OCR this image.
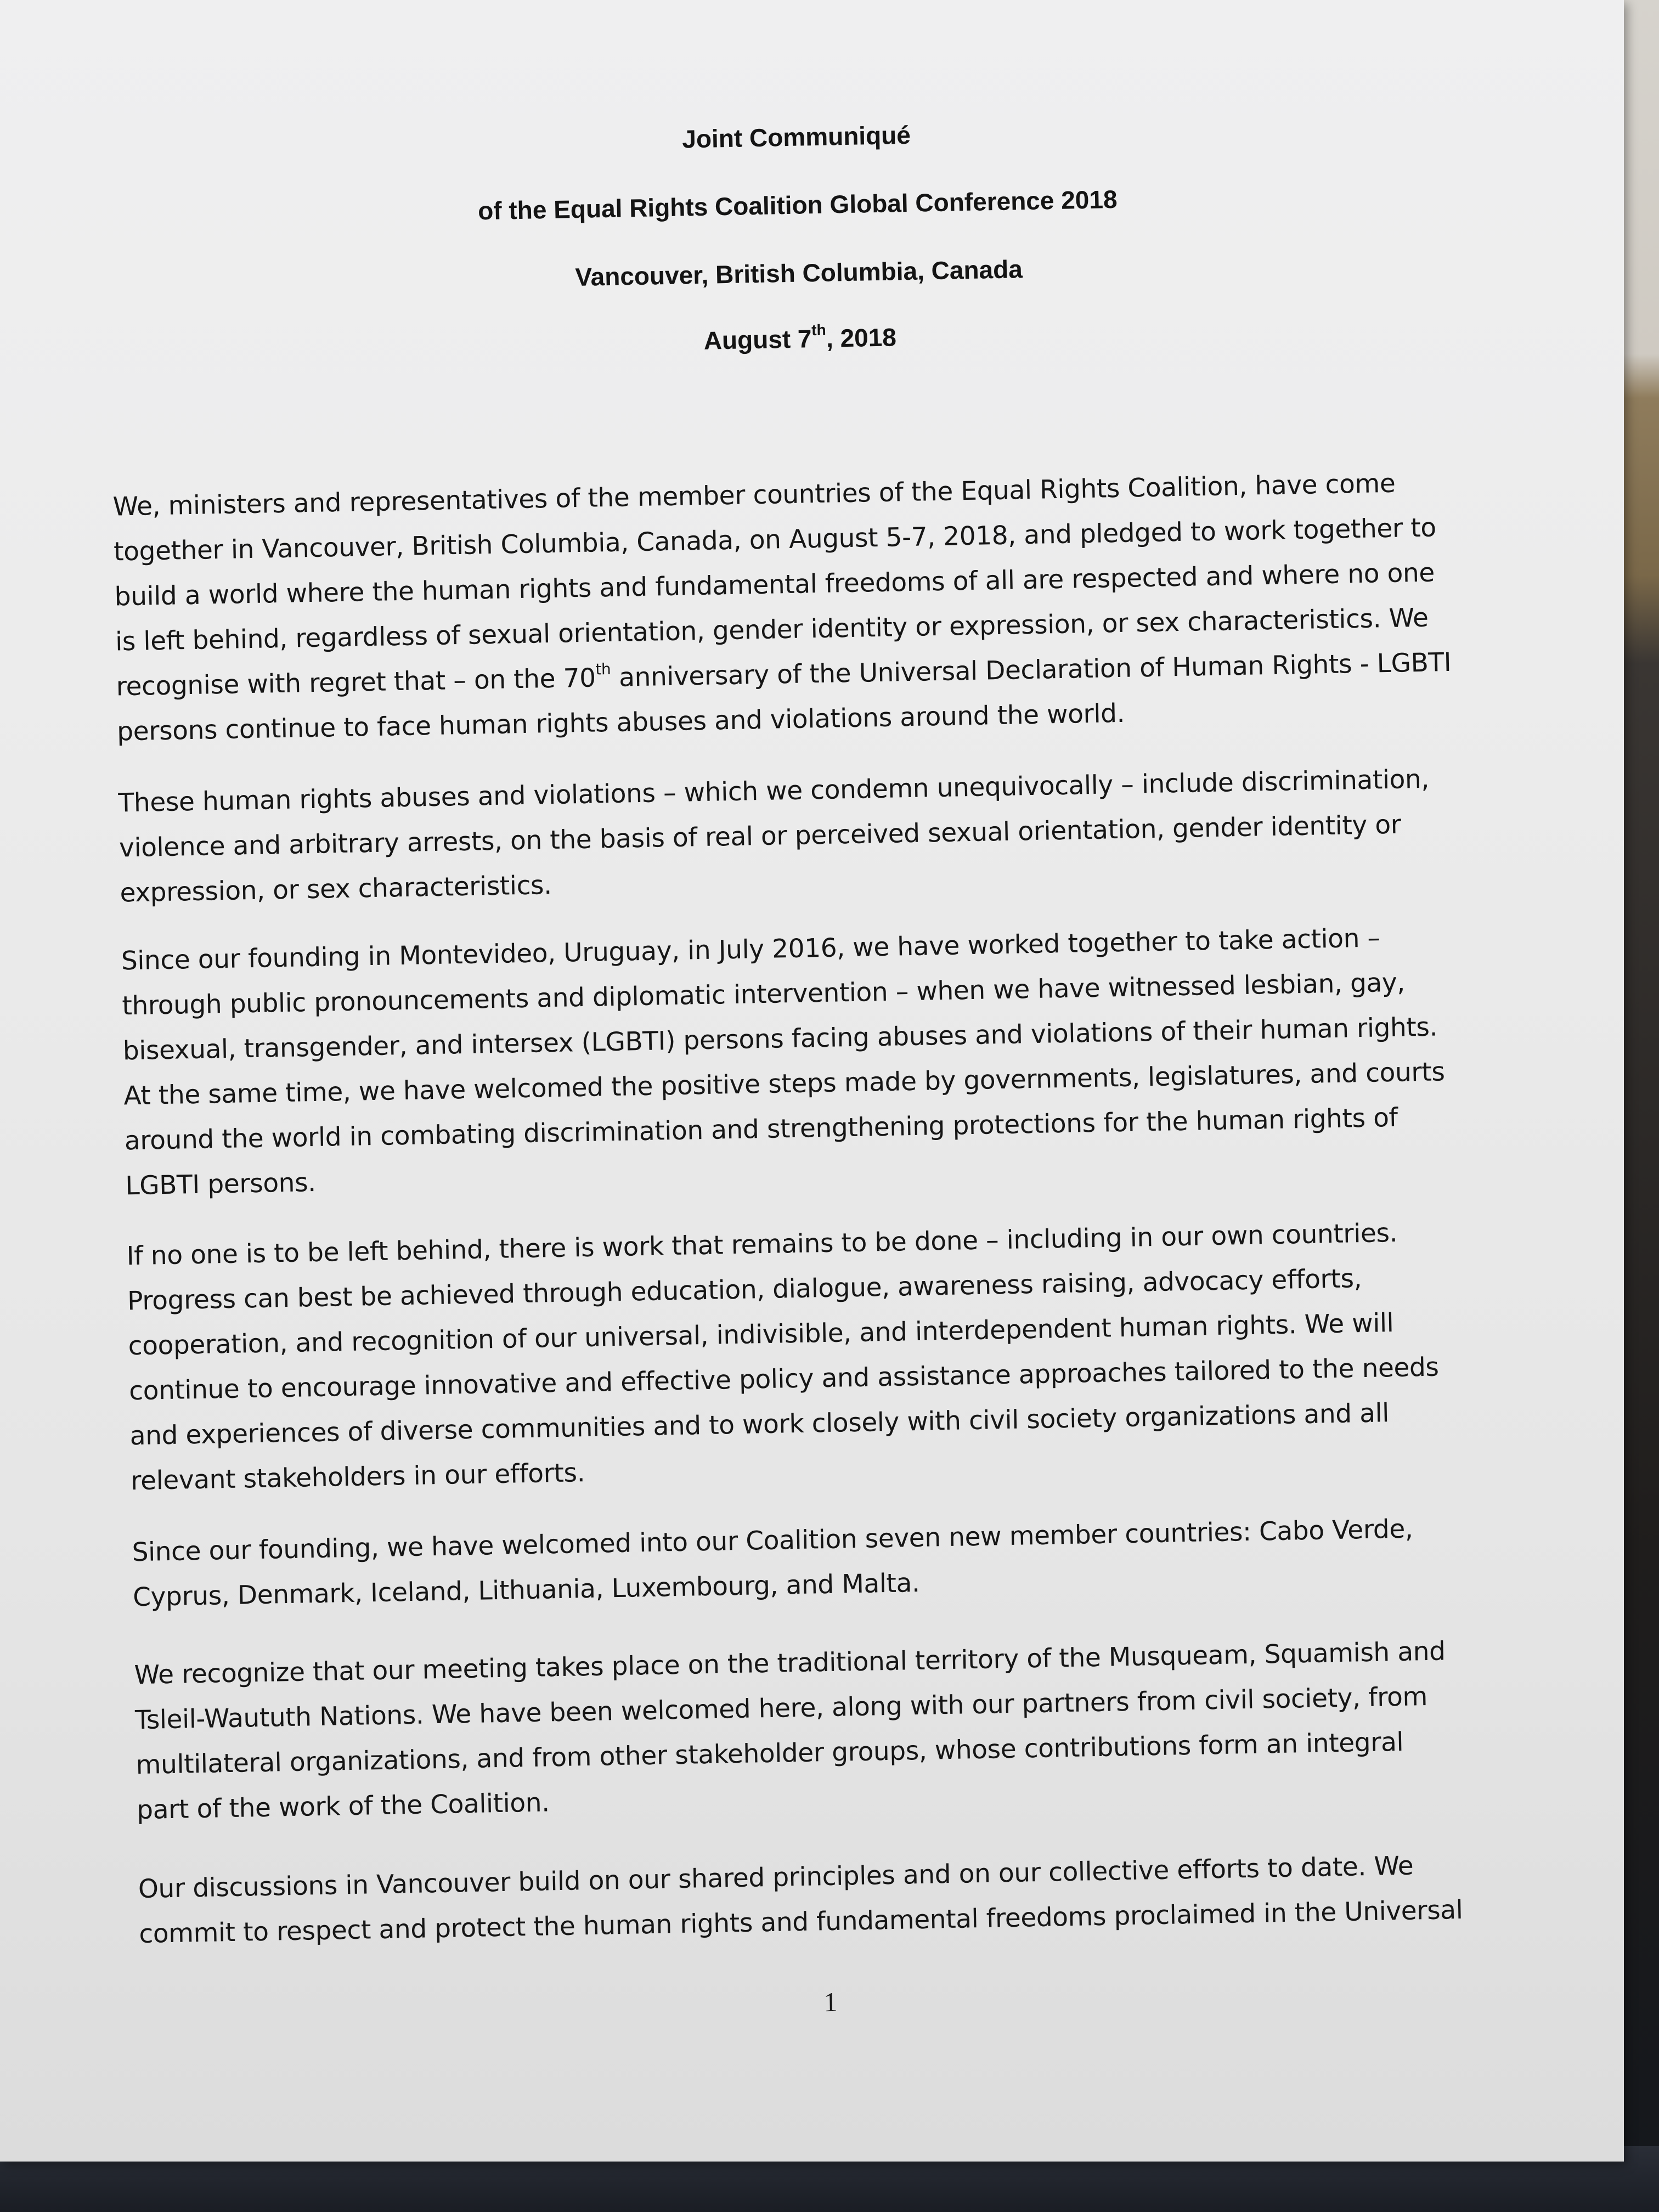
Joint Communiqué
of the Equal Rights Coalition Global Conference 2018
Vancouver, British Columbia, Canada
August 7th, 2018
We, ministers and representatives of the member countries of the Equal Rights Coalition, have come
together in Vancouver, British Columbia, Canada, on August 5-7, 2018, and pledged to work together to
build a world where the human rights and fundamental freedoms of all are respected and where no one
is left behind, regardless of sexual orientation, gender identity or expression, or sex characteristics. We
recognise with regret that – on the 70th anniversary of the Universal Declaration of Human Rights - LGBTI
persons continue to face human rights abuses and violations around the world.
These human rights abuses and violations – which we condemn unequivocally – include discrimination,
violence and arbitrary arrests, on the basis of real or perceived sexual orientation, gender identity or
expression, or sex characteristics.
Since our founding in Montevideo, Uruguay, in July 2016, we have worked together to take action –
through public pronouncements and diplomatic intervention – when we have witnessed lesbian, gay,
bisexual, transgender, and intersex (LGBTI) persons facing abuses and violations of their human rights.
At the same time, we have welcomed the positive steps made by governments, legislatures, and courts
around the world in combating discrimination and strengthening protections for the human rights of
LGBTI persons.
If no one is to be left behind, there is work that remains to be done – including in our own countries.
Progress can best be achieved through education, dialogue, awareness raising, advocacy efforts,
cooperation, and recognition of our universal, indivisible, and interdependent human rights. We will
continue to encourage innovative and effective policy and assistance approaches tailored to the needs
and experiences of diverse communities and to work closely with civil society organizations and all
relevant stakeholders in our efforts.
Since our founding, we have welcomed into our Coalition seven new member countries: Cabo Verde,
Cyprus, Denmark, Iceland, Lithuania, Luxembourg, and Malta.
We recognize that our meeting takes place on the traditional territory of the Musqueam, Squamish and
Tsleil-Waututh Nations. We have been welcomed here, along with our partners from civil society, from
multilateral organizations, and from other stakeholder groups, whose contributions form an integral
part of the work of the Coalition.
Our discussions in Vancouver build on our shared principles and on our collective efforts to date. We
commit to respect and protect the human rights and fundamental freedoms proclaimed in the Universal
1
